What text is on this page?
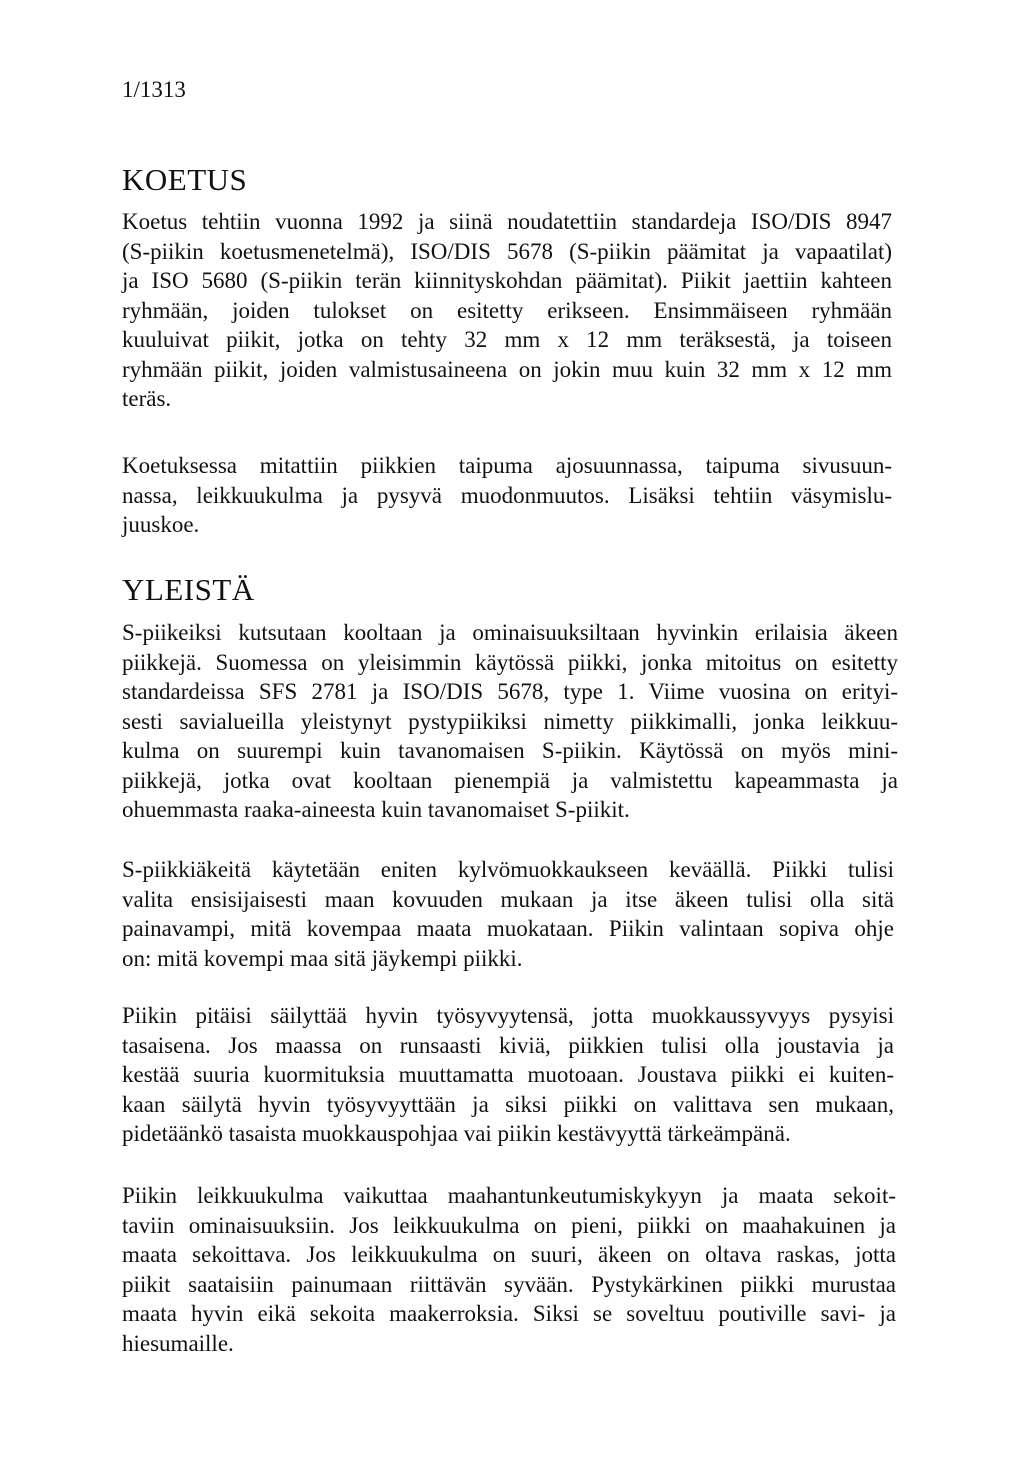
1/1313
KOETUS
Koetus tehtiin vuonna 1992 ja siinä noudatettiin standardeja ISO/DIS 8947
(S-piikin koetusmenetelmä), ISO/DIS 5678 (S-piikin päämitat ja vapaatilat)
ja ISO 5680 (S-piikin terän kiinnityskohdan päämitat). Piikit jaettiin kahteen
ryhmään, joiden tulokset on esitetty erikseen. Ensimmäiseen ryhmään
kuuluivat piikit, jotka on tehty 32 mm x 12 mm teräksestä, ja toiseen
ryhmään piikit, joiden valmistusaineena on jokin muu kuin 32 mm x 12 mm
teräs.
Koetuksessa mitattiin piikkien taipuma ajosuunnassa, taipuma sivusuun-
nassa, leikkuukulma ja pysyvä muodonmuutos. Lisäksi tehtiin väsymislu-
juuskoe.
YLEISTÄ
S-piikeiksi kutsutaan kooltaan ja ominaisuuksiltaan hyvinkin erilaisia äkeen
piikkejä. Suomessa on yleisimmin käytössä piikki, jonka mitoitus on esitetty
standardeissa SFS 2781 ja ISO/DIS 5678, type 1. Viime vuosina on erityi-
sesti savialueilla yleistynyt pystypiikiksi nimetty piikkimalli, jonka leikkuu-
kulma on suurempi kuin tavanomaisen S-piikin. Käytössä on myös mini-
piikkejä, jotka ovat kooltaan pienempiä ja valmistettu kapeammasta ja
ohuemmasta raaka-aineesta kuin tavanomaiset S-piikit.
S-piikkiäkeitä käytetään eniten kylvömuokkaukseen keväällä. Piikki tulisi
valita ensisijaisesti maan kovuuden mukaan ja itse äkeen tulisi olla sitä
painavampi, mitä kovempaa maata muokataan. Piikin valintaan sopiva ohje
on: mitä kovempi maa sitä jäykempi piikki.
Piikin pitäisi säilyttää hyvin työsyvyytensä, jotta muokkaussyvyys pysyisi
tasaisena. Jos maassa on runsaasti kiviä, piikkien tulisi olla joustavia ja
kestää suuria kuormituksia muuttamatta muotoaan. Joustava piikki ei kuiten-
kaan säilytä hyvin työsyvyyttään ja siksi piikki on valittava sen mukaan,
pidetäänkö tasaista muokkauspohjaa vai piikin kestävyyttä tärkeämpänä.
Piikin leikkuukulma vaikuttaa maahantunkeutumiskykyyn ja maata sekoit-
taviin ominaisuuksiin. Jos leikkuukulma on pieni, piikki on maahakuinen ja
maata sekoittava. Jos leikkuukulma on suuri, äkeen on oltava raskas, jotta
piikit saataisiin painumaan riittävän syvään. Pystykärkinen piikki murustaa
maata hyvin eikä sekoita maakerroksia. Siksi se soveltuu poutiville savi- ja
hiesumaille.
